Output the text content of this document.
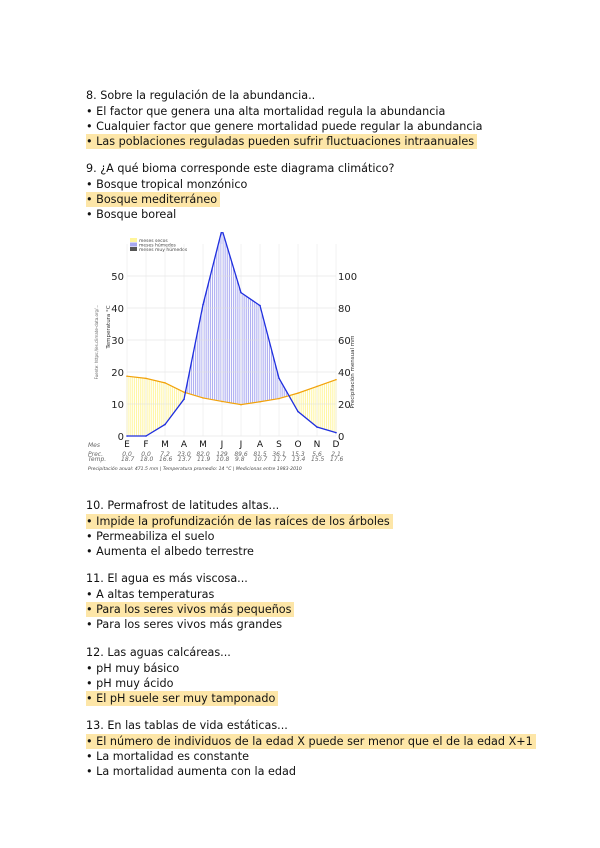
8. Sobre la regulación de la abundancia..
• El factor que genera una alta mortalidad regula la abundancia
• Cualquier factor que genere mortalidad puede regular la abundancia
• Las poblaciones reguladas pueden sufrir fluctuaciones intraanuales
9. ¿A qué bioma corresponde este diagrama climático?
• Bosque tropical monzónico
• Bosque mediterráneo
• Bosque boreal
meses secos
meses húmedos
meses muy húmedos
0
10
20
30
40
50
0
20
40
60
80
100
Temperatura °C
Precipitación mensual mm
Fuente: https://es.climate-data.org/…
Mes	E F M A M J J A S O N D
Prec.	0.0 0.0 7.2 23.0 82.0 129 89.6 81.5 36.1 15.3 5.6 2.1
10. Permafrost de latitudes altas...
• Impide la profundización de las raíces de los árboles
• Permeabiliza el suelo
• Aumenta el albedo terrestre
11. El agua es más viscosa...
• A altas temperaturas
• Para los seres vivos más pequeños
• Para los seres vivos más grandes
12. Las aguas calcáreas...
• pH muy básico
• pH muy ácido
• El pH suele ser muy tamponado
13. En las tablas de vida estáticas...
• El número de individuos de la edad X puede ser menor que el de la edad X+1
• La mortalidad es constante
• La mortalidad aumenta con la edad
Temp. 18.7 18.0 16.6 13.7 11.9 10.8 9.8 10.7 11.7 13.4 15.5 17.6
Precipitación anual: 471.5 mm | Temperatura promedio: 14 °C | Medicionas entre 1983-2010
